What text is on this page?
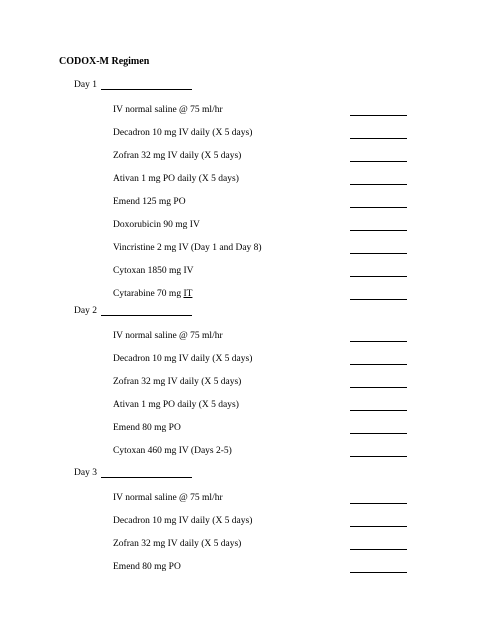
CODOX-M Regimen
Day 1
IV normal saline @ 75 ml/hr
Decadron 10 mg IV daily (X 5 days)
Zofran 32 mg IV daily (X 5 days)
Ativan 1 mg PO daily (X 5 days)
Emend 125 mg PO
Doxorubicin 90 mg IV
Vincristine 2 mg IV (Day 1 and Day 8)
Cytoxan 1850 mg IV
Cytarabine 70 mg IT
Day 2
IV normal saline @ 75 ml/hr
Decadron 10 mg IV daily (X 5 days)
Zofran 32 mg IV daily (X 5 days)
Ativan 1 mg PO daily (X 5 days)
Emend 80 mg PO
Cytoxan 460 mg IV (Days 2-5)
Day 3
IV normal saline @ 75 ml/hr
Decadron 10 mg IV daily (X 5 days)
Zofran 32 mg IV daily (X 5 days)
Emend 80 mg PO
